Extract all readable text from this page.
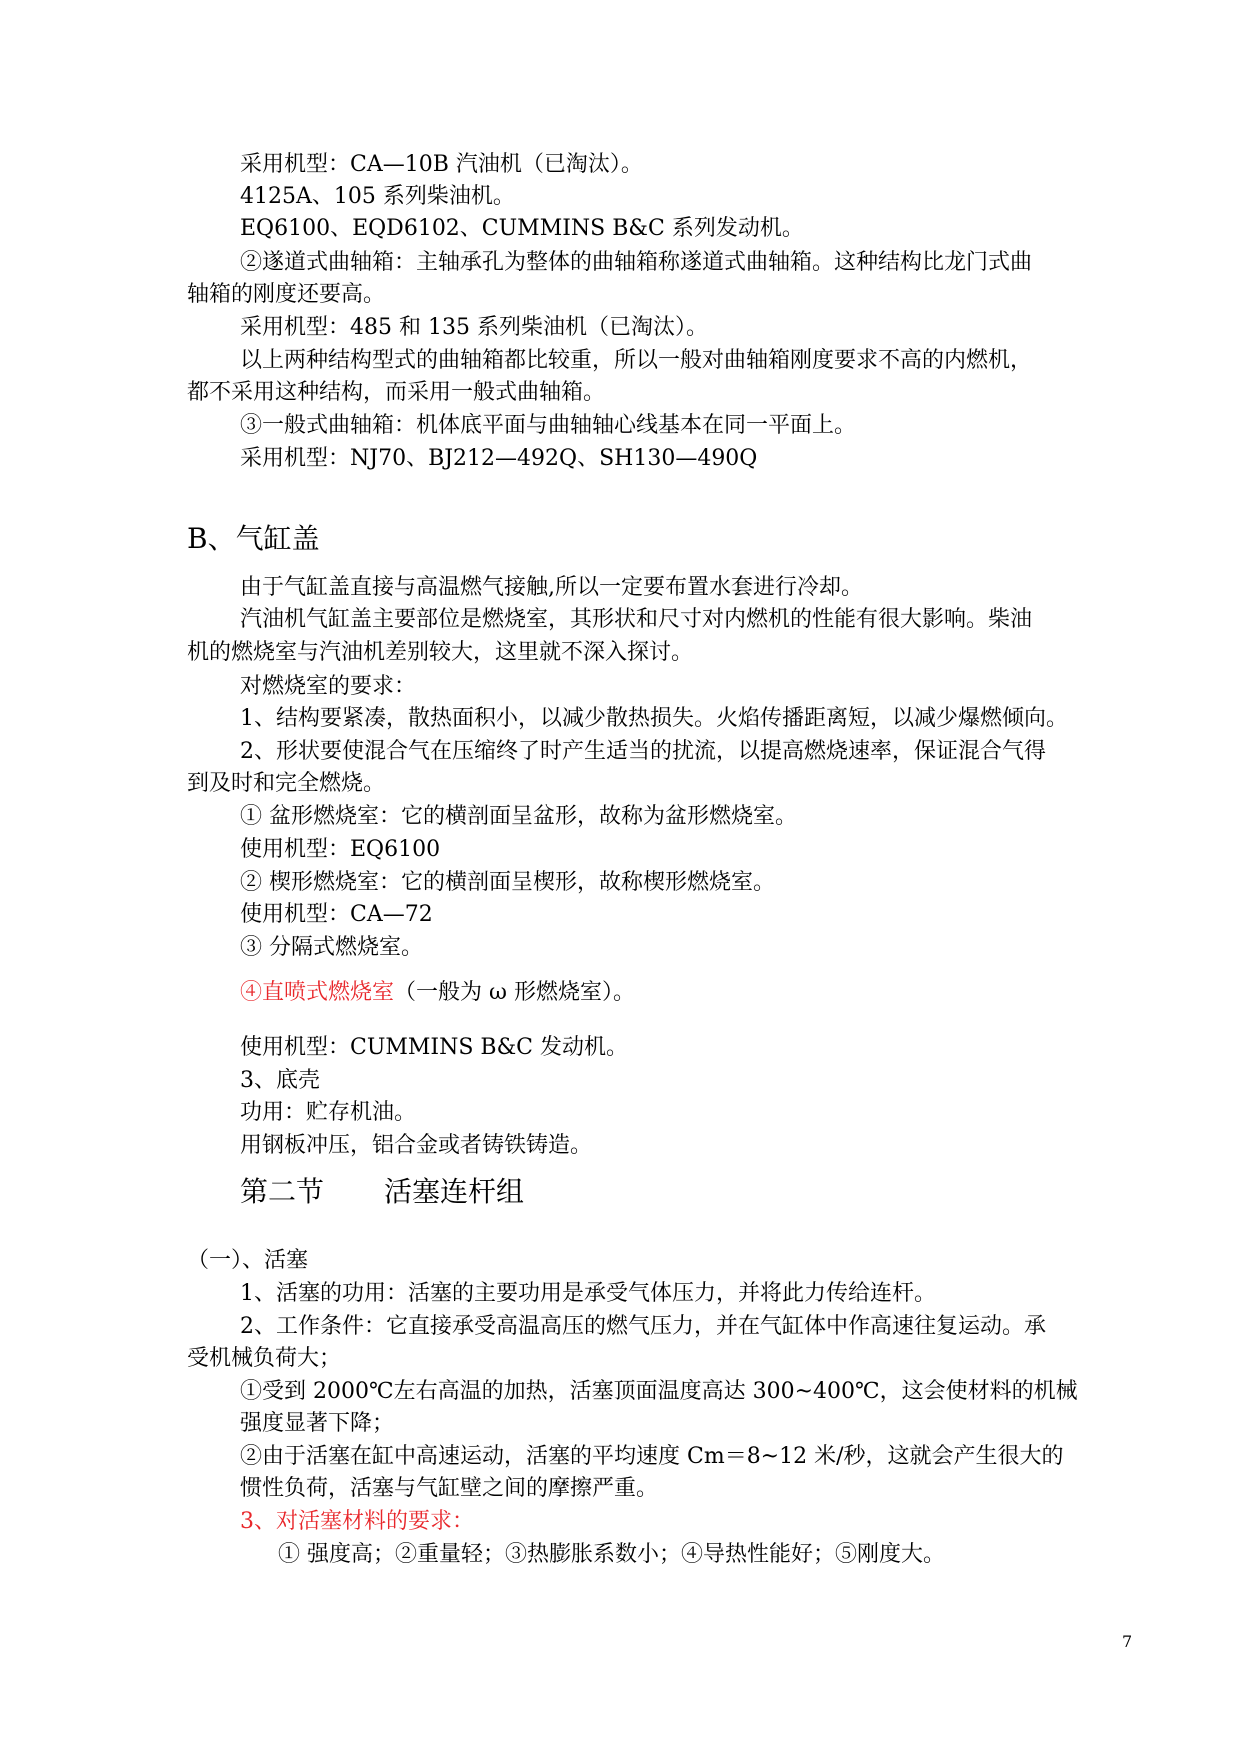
采用机型：CA—10B 汽油机（已淘汰）。

4125A、105 系列柴油机。

EQ6100、EQD6102、CUMMINS B&C 系列发动机。

②遂道式曲轴箱：主轴承孔为整体的曲轴箱称遂道式曲轴箱。这种结构比龙门式曲

轴箱的刚度还要高。

采用机型：485 和 135 系列柴油机（已淘汰）。

以上两种结构型式的曲轴箱都比较重，所以一般对曲轴箱刚度要求不高的内燃机，

都不采用这种结构，而采用一般式曲轴箱。

③一般式曲轴箱：机体底平面与曲轴轴心线基本在同一平面上。

采用机型：NJ70、BJ212—492Q、SH130—490Q

B、气缸盖

由于气缸盖直接与高温燃气接触,所以一定要布置水套进行冷却。

汽油机气缸盖主要部位是燃烧室，其形状和尺寸对内燃机的性能有很大影响。柴油

机的燃烧室与汽油机差别较大，这里就不深入探讨。

对燃烧室的要求：

1、结构要紧凑，散热面积小，以减少散热损失。火焰传播距离短，以减少爆燃倾向。

2、形状要使混合气在压缩终了时产生适当的扰流，以提高燃烧速率，保证混合气得

到及时和完全燃烧。

① 盆形燃烧室：它的横剖面呈盆形，故称为盆形燃烧室。

使用机型：EQ6100

② 楔形燃烧室：它的横剖面呈楔形，故称楔形燃烧室。

使用机型：CA—72

③ 分隔式燃烧室。

④直喷式燃烧室（一般为 ω 形燃烧室）。

使用机型：CUMMINS B&C 发动机。

3、底壳

功用：贮存机油。

用钢板冲压，铝合金或者铸铁铸造。

第二节 活塞连杆组

（一）、活塞

1、活塞的功用：活塞的主要功用是承受气体压力，并将此力传给连杆。

2、工作条件：它直接承受高温高压的燃气压力，并在气缸体中作高速往复运动。承

受机械负荷大；

①受到 2000℃左右高温的加热，活塞顶面温度高达 300~400℃，这会使材料的机械

强度显著下降；

②由于活塞在缸中高速运动，活塞的平均速度 Cm＝8~12 米/秒，这就会产生很大的

惯性负荷，活塞与气缸壁之间的摩擦严重。

3、对活塞材料的要求：

① 强度高；②重量轻；③热膨胀系数小；④导热性能好；⑤刚度大。

7
